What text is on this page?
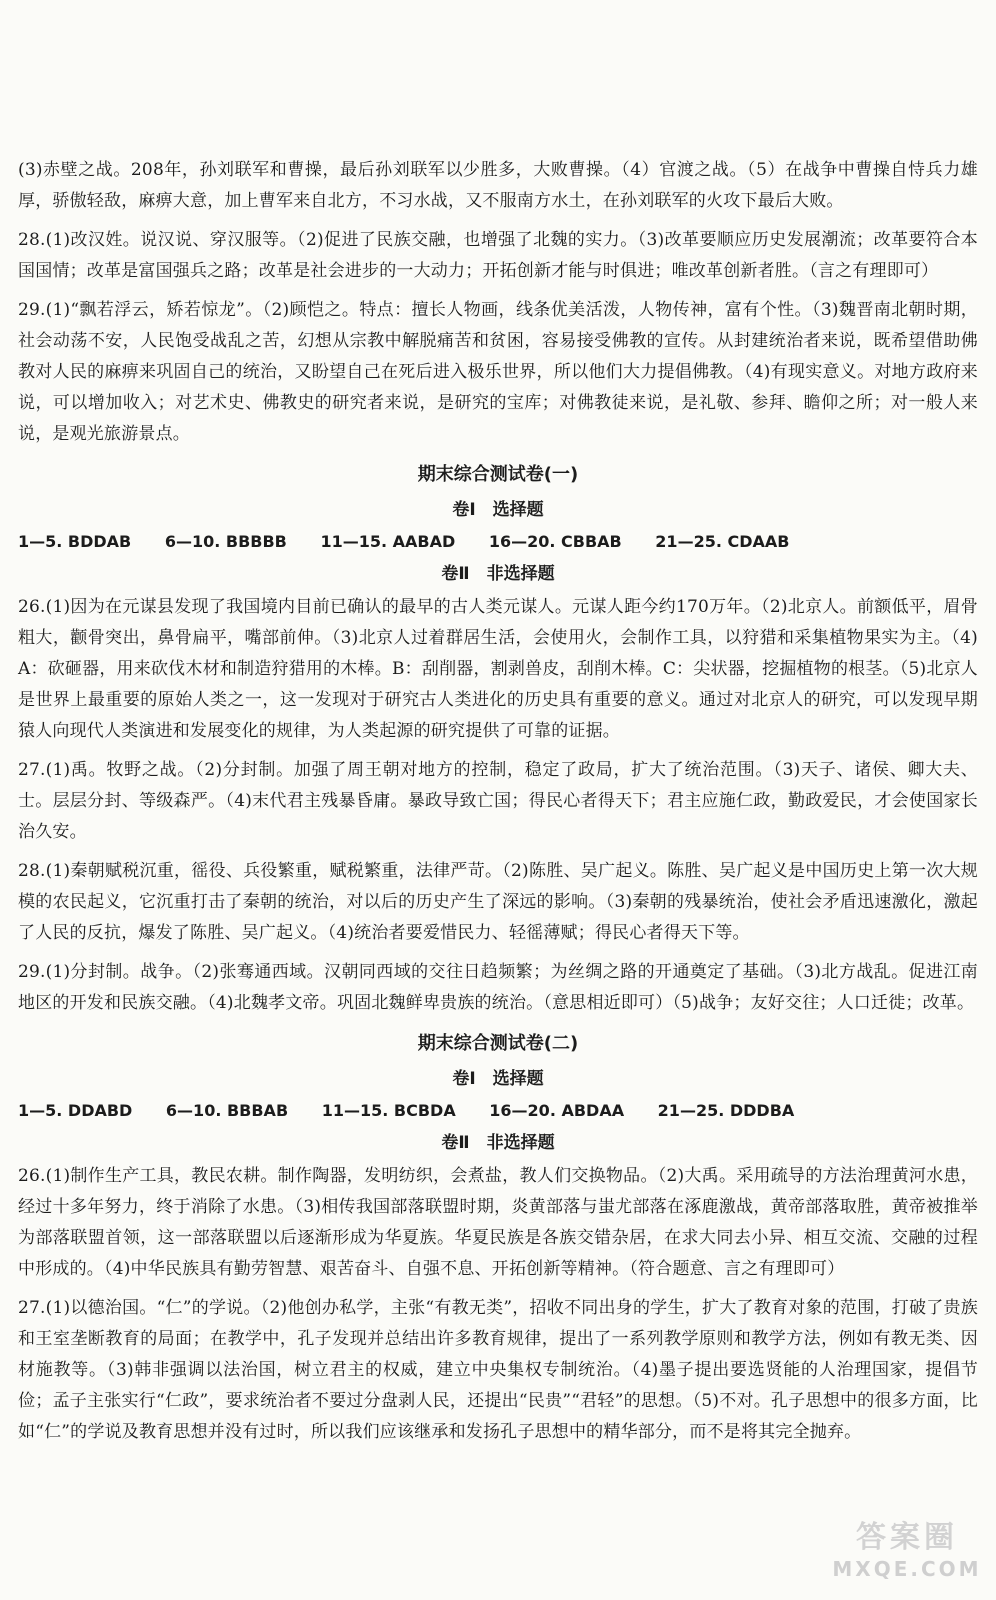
(3)赤壁之战。208年，孙刘联军和曹操，最后孙刘联军以少胜多，大败曹操。（4）官渡之战。（5）在战争中曹操自恃兵力雄厚，骄傲轻敌，麻痹大意，加上曹军来自北方，不习水战，又不服南方水土，在孙刘联军的火攻下最后大败。

28.(1)改汉姓。说汉说、穿汉服等。（2)促进了民族交融，也增强了北魏的实力。（3)改革要顺应历史发展潮流；改革要符合本国国情；改革是富国强兵之路；改革是社会进步的一大动力；开拓创新才能与时俱进；唯改革创新者胜。（言之有理即可）

29.(1)“飘若浮云，矫若惊龙”。（2)顾恺之。特点：擅长人物画，线条优美活泼，人物传神，富有个性。（3)魏晋南北朝时期，社会动荡不安，人民饱受战乱之苦，幻想从宗教中解脱痛苦和贫困，容易接受佛教的宣传。从封建统治者来说，既希望借助佛教对人民的麻痹来巩固自己的统治，又盼望自己在死后进入极乐世界，所以他们大力提倡佛教。（4)有现实意义。对地方政府来说，可以增加收入；对艺术史、佛教史的研究者来说，是研究的宝库；对佛教徒来说，是礼敬、参拜、瞻仰之所；对一般人来说，是观光旅游景点。

期末综合测试卷(一)
卷Ⅰ　选择题
1—5. BDDAB 6—10. BBBBB 11—15. AABAD 16—20. CBBAB 21—25. CDAAB
卷Ⅱ　非选择题

26.(1)因为在元谋县发现了我国境内目前已确认的最早的古人类元谋人。元谋人距今约170万年。（2)北京人。前额低平，眉骨粗大，颧骨突出，鼻骨扁平，嘴部前伸。（3)北京人过着群居生活，会使用火，会制作工具，以狩猎和采集植物果实为主。（4)A：砍砸器，用来砍伐木材和制造狩猎用的木棒。B：刮削器，割剥兽皮，刮削木棒。C：尖状器，挖掘植物的根茎。（5)北京人是世界上最重要的原始人类之一，这一发现对于研究古人类进化的历史具有重要的意义。通过对北京人的研究，可以发现早期猿人向现代人类演进和发展变化的规律，为人类起源的研究提供了可靠的证据。

27.(1)禹。牧野之战。（2)分封制。加强了周王朝对地方的控制，稳定了政局，扩大了统治范围。（3)天子、诸侯、卿大夫、士。层层分封、等级森严。（4)末代君主残暴昏庸。暴政导致亡国；得民心者得天下；君主应施仁政，勤政爱民，才会使国家长治久安。

28.(1)秦朝赋税沉重，徭役、兵役繁重，赋税繁重，法律严苛。（2)陈胜、吴广起义。陈胜、吴广起义是中国历史上第一次大规模的农民起义，它沉重打击了秦朝的统治，对以后的历史产生了深远的影响。（3)秦朝的残暴统治，使社会矛盾迅速激化，激起了人民的反抗，爆发了陈胜、吴广起义。（4)统治者要爱惜民力、轻徭薄赋；得民心者得天下等。

29.(1)分封制。战争。（2)张骞通西域。汉朝同西域的交往日趋频繁；为丝绸之路的开通奠定了基础。（3)北方战乱。促进江南地区的开发和民族交融。（4)北魏孝文帝。巩固北魏鲜卑贵族的统治。（意思相近即可）（5)战争；友好交往；人口迁徙；改革。

期末综合测试卷(二)
卷Ⅰ　选择题
1—5. DDABD 6—10. BBBAB 11—15. BCBDA 16—20. ABDAA 21—25. DDDBA
卷Ⅱ　非选择题

26.(1)制作生产工具，教民农耕。制作陶器，发明纺织，会煮盐，教人们交换物品。（2)大禹。采用疏导的方法治理黄河水患，经过十多年努力，终于消除了水患。（3)相传我国部落联盟时期，炎黄部落与蚩尤部落在涿鹿激战，黄帝部落取胜，黄帝被推举为部落联盟首领，这一部落联盟以后逐渐形成为华夏族。华夏民族是各族交错杂居，在求大同去小异、相互交流、交融的过程中形成的。（4)中华民族具有勤劳智慧、艰苦奋斗、自强不息、开拓创新等精神。（符合题意、言之有理即可）

27.(1)以德治国。“仁”的学说。（2)他创办私学，主张“有教无类”，招收不同出身的学生，扩大了教育对象的范围，打破了贵族和王室垄断教育的局面；在教学中，孔子发现并总结出许多教育规律，提出了一系列教学原则和教学方法，例如有教无类、因材施教等。（3)韩非强调以法治国，树立君主的权威，建立中央集权专制统治。（4)墨子提出要选贤能的人治理国家，提倡节俭；孟子主张实行“仁政”，要求统治者不要过分盘剥人民，还提出“民贵”“君轻”的思想。（5)不对。孔子思想中的很多方面，比如“仁”的学说及教育思想并没有过时，所以我们应该继承和发扬孔子思想中的精华部分，而不是将其完全抛弃。

答案圈
MXQE.COM
